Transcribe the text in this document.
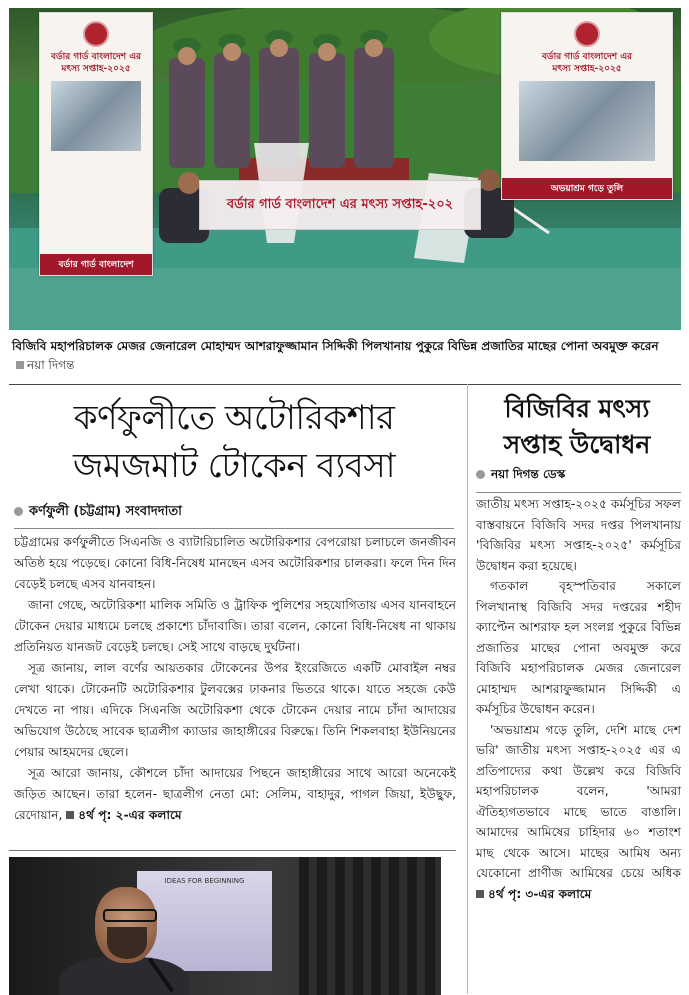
বর্ডার গার্ড বাংলাদেশ এর
মৎস্য সপ্তাহ-২০২৫
বর্ডার গার্ড বাংলাদেশ
বর্ডার গার্ড বাংলাদেশ এর
মৎস্য সপ্তাহ-২০২৫
অভয়াশ্রম গড়ে তুলি
বর্ডার গার্ড বাংলাদেশ এর মৎস্য সপ্তাহ-২০২
বিজিবি মহাপরিচালক মেজর জেনারেল মোহাম্মদ আশরাফুজ্জামান সিদ্দিকী পিলখানায় পুকুরে বিভিন্ন প্রজাতির মাছের পোনা অবমুক্ত করেন নয়া দিগন্ত
কর্ণফুলীতে অটোরিকশার
জমজমাট টোকেন ব্যবসা
কর্ণফুলী (চট্টগ্রাম) সংবাদদাতা

চট্টগ্রামের কর্ণফুলীতে সিএনজি ও ব্যাটারিচালিত অটোরিকশার বেপরোয়া চলাচলে জনজীবন অতিষ্ঠ হয়ে পড়েছে। কোনো বিধি-নিষেধ মানছেন এসব অটোরিকশার চালকরা। ফলে দিন দিন বেড়েই চলছে এসব যানবাহন।

জানা গেছে, অটোরিকশা মালিক সমিতি ও ট্রাফিক পুলিশের সহযোগিতায় এসব যানবাহনে টোকেন দেয়ার মাধ্যমে চলছে প্রকাশ্যে চাঁদাবাজি। তারা বলেন, কোনো বিধি-নিষেধ না থাকায় প্রতিনিয়ত যানজট বেড়েই চলছে। সেই সাথে বাড়ছে দুর্ঘটনা।

সূত্র জানায়, লাল বর্ণের আয়তকার টোকেনের উপর ইংরেজিতে একটি মোবাইল নম্বর লেখা থাকে। টোকেনটি অটোরিকশার টুলবক্সের ঢাকনার ভিতরে থাকে। যাতে সহজে কেউ দেখতে না পায়। এদিকে সিএনজি অটোরিকশা থেকে টোকেন দেয়ার নামে চাঁদা আদায়ের অভিযোগ উঠেছে সাবেক ছাত্রলীগ ক্যাডার জাহাঙ্গীরের বিরুদ্ধে। তিনি শিকলবাহা ইউনিয়নের পেয়ার আহমদের ছেলে।

সূত্র আরো জানায়, কৌশলে চাঁদা আদায়ের পিছনে জাহাঙ্গীরের সাথে আরো অনেকেই জড়িত আছেন। তারা হলেন- ছাত্রলীগ নেতা মো: সেলিম, বাহাদুর, পাগল জিয়া, ইউছুফ, রেদোয়ান, ৪র্থ পৃ: ২-এর কলামে

IDEAS FOR BEGINNING
বিজিবির মৎস্য
সপ্তাহ উদ্বোধন
নয়া দিগন্ত ডেস্ক

জাতীয় মৎস্য সপ্তাহ-২০২৫ কর্মসূচির সফল বাস্তবায়নে বিজিবি সদর দপ্তর পিলখানায় 'বিজিবির মৎস্য সপ্তাহ-২০২৫' কর্মসূচির উদ্বোধন করা হয়েছে।

গতকাল বৃহস্পতিবার সকালে পিলখানাস্থ বিজিবি সদর দপ্তরের শহীদ ক্যাপ্টেন আশরাফ হল সংলগ্ন পুকুরে বিভিন্ন প্রজাতির মাছের পোনা অবমুক্ত করে বিজিবি মহাপরিচালক মেজর জেনারেল মোহাম্মদ আশরাফুজ্জামান সিদ্দিকী এ কর্মসূচির উদ্বোধন করেন।

'অভয়াশ্রম গড়ে তুলি, দেশি মাছে দেশ ভরি' জাতীয় মৎস্য সপ্তাহ-২০২৫ এর এ প্রতিপাদ্যের কথা উল্লেখ করে বিজিবি মহাপরিচালক বলেন, 'আমরা ঐতিহ্যগতভাবে মাছে ভাতে বাঙালি। আমাদের আমিষের চাহিদার ৬০ শতাংশ মাছ থেকে আসে। মাছের আমিষ অন্য যেকোনো প্রাণীজ আমিষের চেয়ে অধিক ৪র্থ পৃ: ৩-এর কলামে
